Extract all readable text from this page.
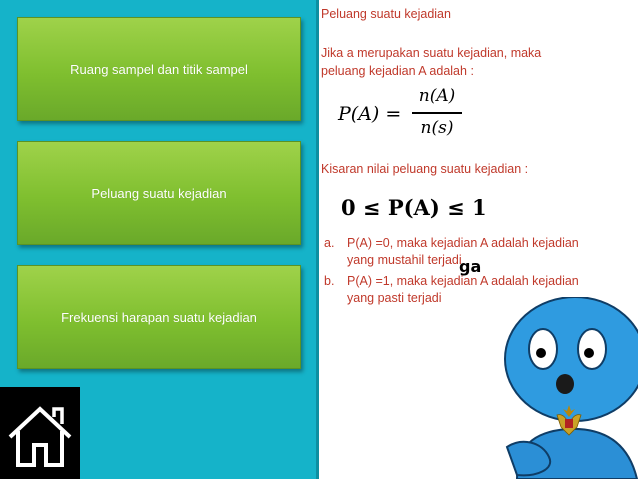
Ruang sampel dan titik sampel
Peluang suatu kejadian
Frekuensi harapan suatu kejadian
Peluang suatu kejadian
Jika a merupakan suatu kejadian, maka
peluang kejadian A adalah :
P(A) =
n(A)
n(s)
Kisaran nilai peluang suatu kejadian :
0 ≤ P(A) ≤ 1
a. P(A) =0, maka kejadian A adalah kejadian
yang mustahil terjadi
b. P(A) =1, maka kejadian A adalah kejadian
yang pasti terjadi
ga
